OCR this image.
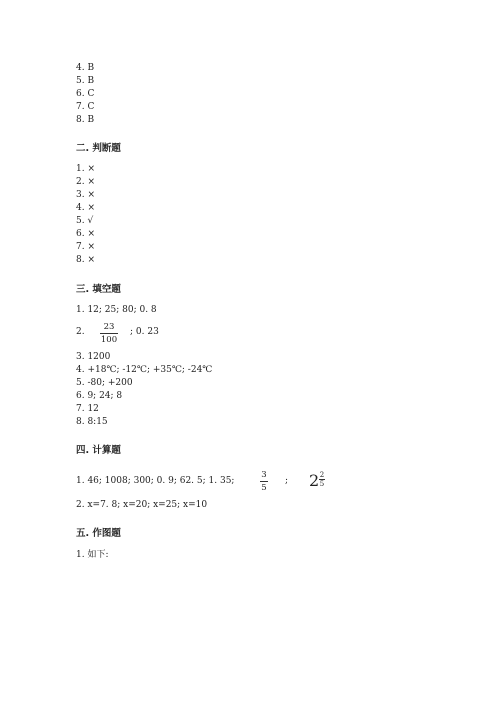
4. B
5. B
6. C
7. C
8. B
二. 判断题
1. ×
2. ×
3. ×
4. ×
5. √
6. ×
7. ×
8. ×
三. 填空题
1. 12; 25; 80; 0. 8
2. $\frac{23}{100}$ ; 0. 23
3. 1200
4. +18℃; -12℃; +35℃; -24℃
5. -80; +200
6. 9; 24; 8
7. 12
8. 8:15
四. 计算题
1. 46; 1008; 300; 0. 9; 62. 5; 1. 35;	$\frac{3}{5}$ ; $2 \frac{2}{5}$
2. x=7. 8; x=20; x=25; x=10
五. 作图题
1. 如下:
